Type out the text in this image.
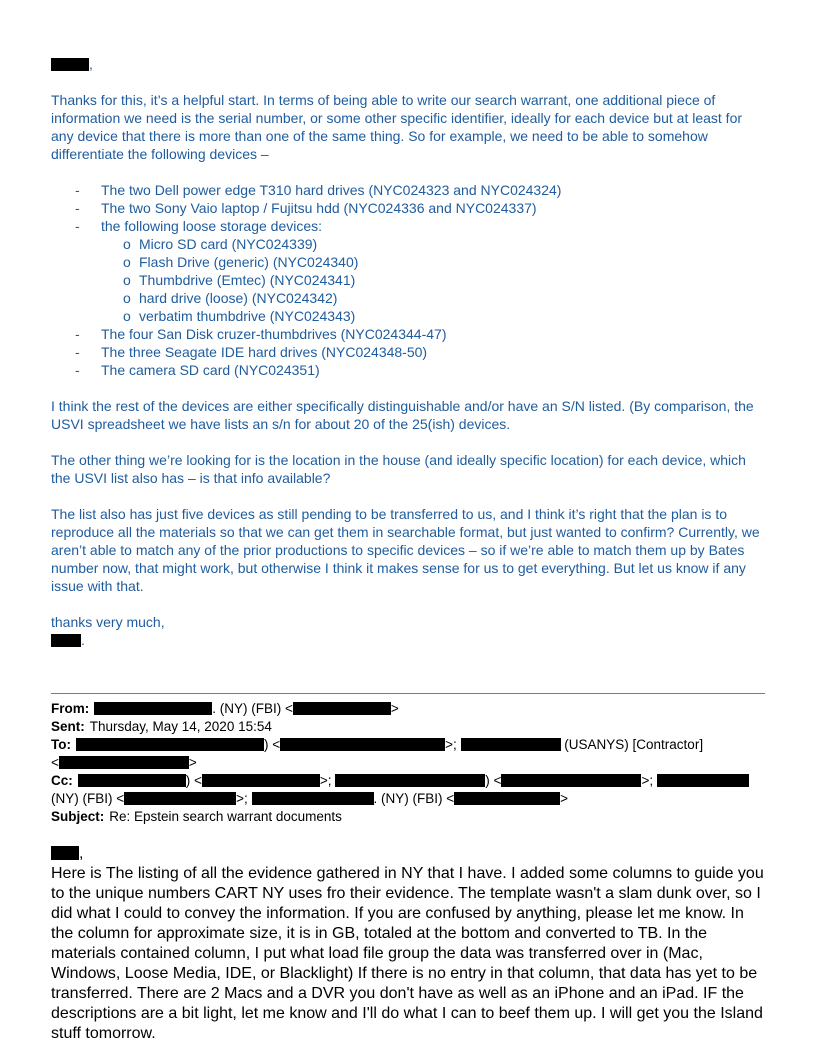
,

Thanks for this, it’s a helpful start. In terms of being able to write our search warrant, one additional piece of information we need is the serial number, or some other specific identifier, ideally for each device but at least for any device that there is more than one of the same thing. So for example, we need to be able to somehow differentiate the following devices –

-	The two Dell power edge T310 hard drives (NYC024323 and NYC024324)
-	The two Sony Vaio laptop / Fujitsu hdd (NYC024336 and NYC024337)
-	the following loose storage devices:
o Micro SD card (NYC024339)
o Flash Drive (generic) (NYC024340)
o Thumbdrive (Emtec) (NYC024341)
o hard drive (loose) (NYC024342)
o verbatim thumbdrive (NYC024343)
-	The four San Disk cruzer-thumbdrives (NYC024344-47)
-	The three Seagate IDE hard drives (NYC024348-50)
-	The camera SD card (NYC024351)

I think the rest of the devices are either specifically distinguishable and/or have an S/N listed. (By comparison, the USVI spreadsheet we have lists an s/n for about 20 of the 25(ish) devices.

The other thing we’re looking for is the location in the house (and ideally specific location) for each device, which the USVI list also has – is that info available?

The list also has just five devices as still pending to be transferred to us, and I think it’s right that the plan is to reproduce all the materials so that we can get them in searchable format, but just wanted to confirm? Currently, we aren’t able to match any of the prior productions to specific devices – so if we’re able to match them up by Bates number now, that might work, but otherwise I think it makes sense for us to get everything. But let us know if any issue with that.

thanks very much,
.
From:	. (NY) (FBI) <	>
Sent: Thursday, May 14, 2020 15:54
To:	) <	>;	(USANYS) [Contractor]
<	>
Cc:	) <	>;	) <	>;
(NY) (FBI) <	>;	. (NY) (FBI) <	>
Subject: Re: Epstein search warrant documents
,
Here is The listing of all the evidence gathered in NY that I have. I added some columns to guide you to the unique numbers CART NY uses fro their evidence. The template wasn't a slam dunk over, so I did what I could to convey the information. If you are confused by anything, please let me know. In the column for approximate size, it is in GB, totaled at the bottom and converted to TB. In the materials contained column, I put what load file group the data was transferred over in (Mac, Windows, Loose Media, IDE, or Blacklight) If there is no entry in that column, that data has yet to be transferred. There are 2 Macs and a DVR you don't have as well as an iPhone and an iPad. IF the descriptions are a bit light, let me know and I'll do what I can to beef them up. I will get you the Island stuff tomorrow.
